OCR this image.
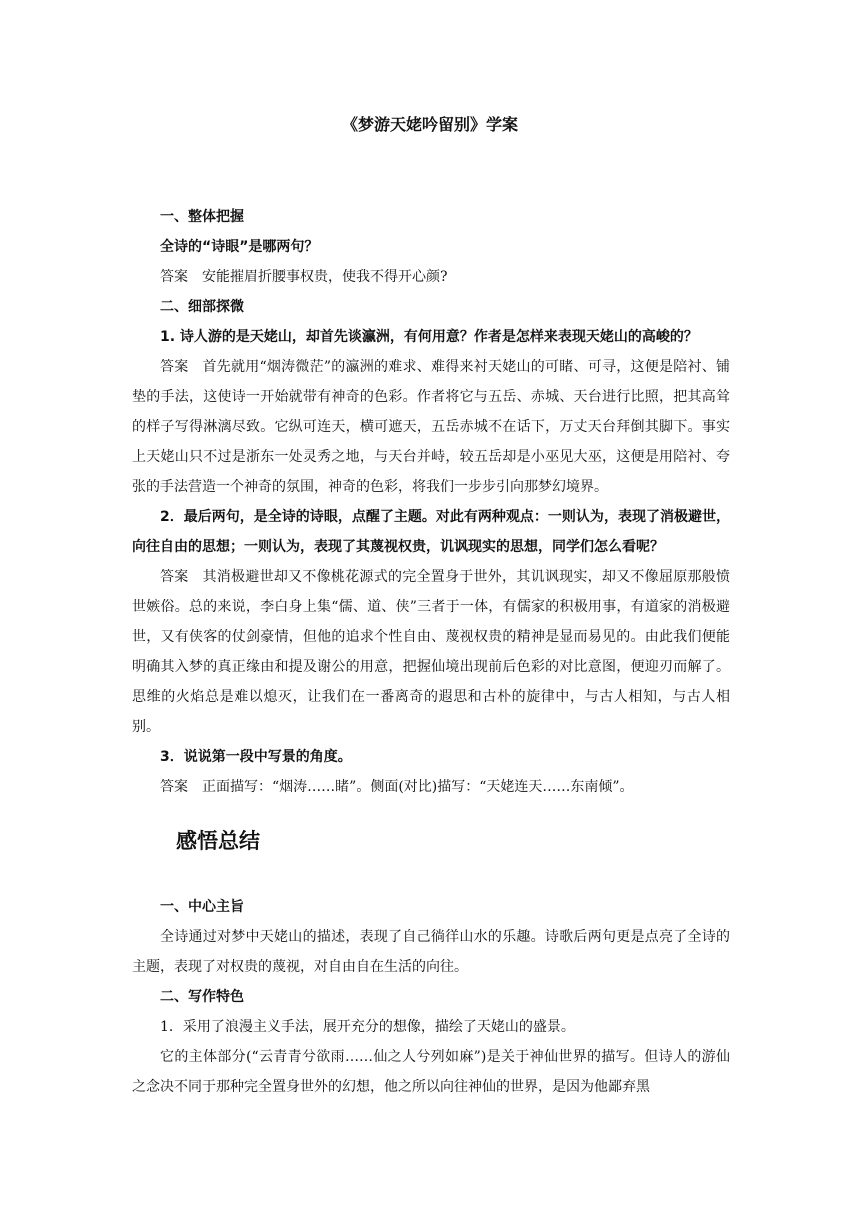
《梦游天姥吟留别》学案

一、整体把握

全诗的“诗眼”是哪两句？

答案 安能摧眉折腰事权贵，使我不得开心颜?

二、细部探微

1. 诗人游的是天姥山，却首先谈瀛洲，有何用意？作者是怎样来表现天姥山的高峻的？

答案 首先就用“烟涛微茫”的瀛洲的难求、难得来衬天姥山的可睹、可寻，这便是陪衬、铺垫的手法，这使诗一开始就带有神奇的色彩。作者将它与五岳、赤城、天台进行比照，把其高耸的样子写得淋漓尽致。它纵可连天，横可遮天，五岳赤城不在话下，万丈天台拜倒其脚下。事实上天姥山只不过是浙东一处灵秀之地，与天台并峙，较五岳却是小巫见大巫，这便是用陪衬、夸张的手法营造一个神奇的氛围，神奇的色彩，将我们一步步引向那梦幻境界。

2．最后两句，是全诗的诗眼，点醒了主题。对此有两种观点：一则认为，表现了消极避世，向往自由的思想；一则认为，表现了其蔑视权贵，讥讽现实的思想，同学们怎么看呢？

答案 其消极避世却又不像桃花源式的完全置身于世外，其讥讽现实，却又不像屈原那般愤世嫉俗。总的来说，李白身上集“儒、道、侠”三者于一体，有儒家的积极用事，有道家的消极避世，又有侠客的仗剑豪情，但他的追求个性自由、蔑视权贵的精神是显而易见的。由此我们便能明确其入梦的真正缘由和提及谢公的用意，把握仙境出现前后色彩的对比意图，便迎刃而解了。思维的火焰总是难以熄灭，让我们在一番离奇的遐思和古朴的旋律中，与古人相知，与古人相别。

3．说说第一段中写景的角度。

答案 正面描写：“烟涛……睹”。侧面(对比)描写：“天姥连天……东南倾”。

感悟总结

一、中心主旨

全诗通过对梦中天姥山的描述，表现了自己徜徉山水的乐趣。诗歌后两句更是点亮了全诗的主题，表现了对权贵的蔑视，对自由自在生活的向往。

二、写作特色

1．采用了浪漫主义手法，展开充分的想像，描绘了天姥山的盛景。

它的主体部分(“云青青兮欲雨……仙之人兮列如麻”)是关于神仙世界的描写。但诗人的游仙之念决不同于那种完全置身世外的幻想，他之所以向往神仙的世界，是因为他鄙弃黑
